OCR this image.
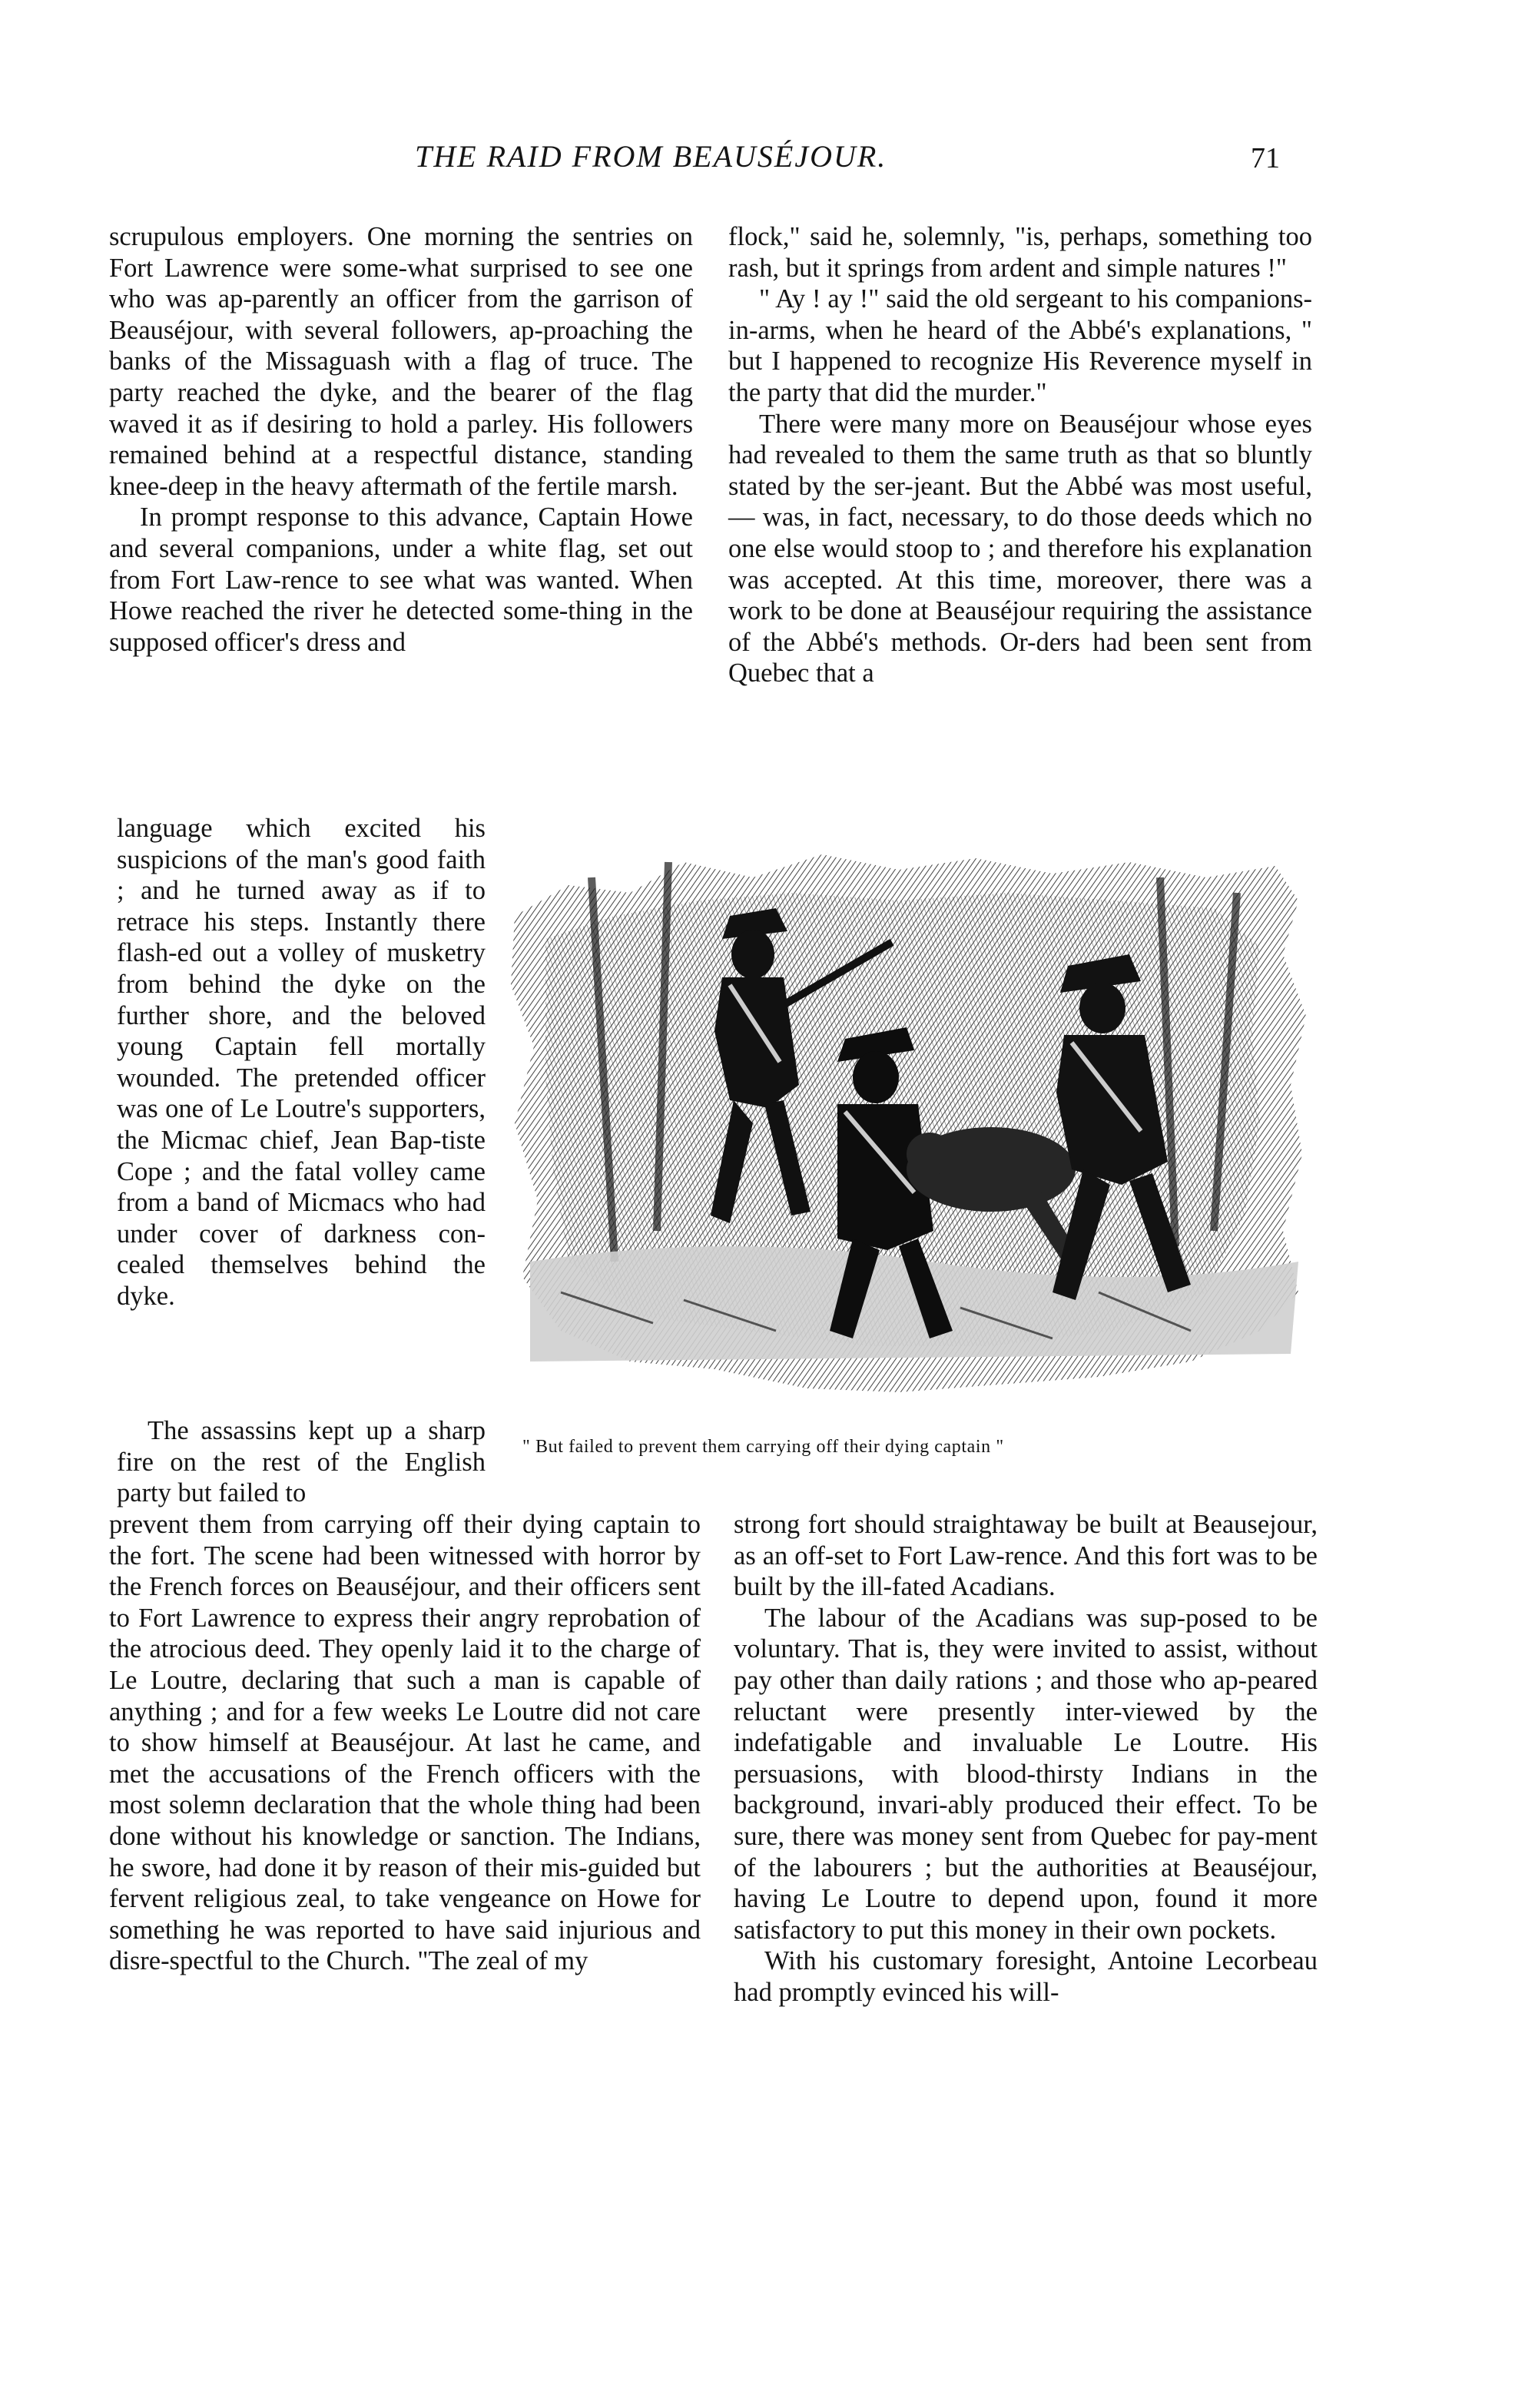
THE RAID FROM BEAUSÉJOUR.	71

scrupulous employers. One morning the sentries on Fort Lawrence were some-what surprised to see one who was ap-parently an officer from the garrison of Beauséjour, with several followers, ap-proaching the banks of the Missaguash with a flag of truce. The party reached the dyke, and the bearer of the flag waved it as if desiring to hold a parley. His followers remained behind at a respectful distance, standing knee-deep in the heavy aftermath of the fertile marsh.

In prompt response to this advance, Captain Howe and several companions, under a white flag, set out from Fort Law-rence to see what was wanted. When Howe reached the river he detected some-thing in the supposed officer's dress and

language which excited his suspicions of the man's good faith ; and he turned away as if to retrace his steps. Instantly there flash-ed out a volley of musketry from behind the dyke on the further shore, and the beloved young Captain fell mortally wounded. The pretended officer was one of Le Loutre's supporters, the Micmac chief, Jean Bap-tiste Cope ; and the fatal volley came from a band of Micmacs who had under cover of darkness con-cealed themselves behind the dyke.

The assassins kept up a sharp fire on the rest of the English party but failed to

prevent them from carrying off their dying captain to the fort. The scene had been witnessed with horror by the French forces on Beauséjour, and their officers sent to Fort Lawrence to express their angry reprobation of the atrocious deed. They openly laid it to the charge of Le Loutre, declaring that such a man is capable of anything ; and for a few weeks Le Loutre did not care to show himself at Beauséjour. At last he came, and met the accusations of the French officers with the most solemn declaration that the whole thing had been done without his knowledge or sanction. The Indians, he swore, had done it by reason of their mis-guided but fervent religious zeal, to take vengeance on Howe for something he was reported to have said injurious and disre-spectful to the Church. "The zeal of my

flock," said he, solemnly, "is, perhaps, something too rash, but it springs from ardent and simple natures !"

" Ay ! ay !" said the old sergeant to his companions-in-arms, when he heard of the Abbé's explanations, " but I happened to recognize His Reverence myself in the party that did the murder."

There were many more on Beauséjour whose eyes had revealed to them the same truth as that so bluntly stated by the ser-jeant. But the Abbé was most useful,— was, in fact, necessary, to do those deeds which no one else would stoop to ; and therefore his explanation was accepted. At this time, moreover, there was a work to be done at Beauséjour requiring the assistance of the Abbé's methods. Or-ders had been sent from Quebec that a

strong fort should straightaway be built at Beausejour, as an off-set to Fort Law-rence. And this fort was to be built by the ill-fated Acadians.

The labour of the Acadians was sup-posed to be voluntary. That is, they were invited to assist, without pay other than daily rations ; and those who ap-peared reluctant were presently inter-viewed by the indefatigable and invaluable Le Loutre. His persuasions, with blood-thirsty Indians in the background, invari-ably produced their effect. To be sure, there was money sent from Quebec for pay-ment of the labourers ; but the authorities at Beauséjour, having Le Loutre to depend upon, found it more satisfactory to put this money in their own pockets.

With his customary foresight, Antoine Lecorbeau had promptly evinced his will-

" But failed to prevent them carrying off their dying captain "
